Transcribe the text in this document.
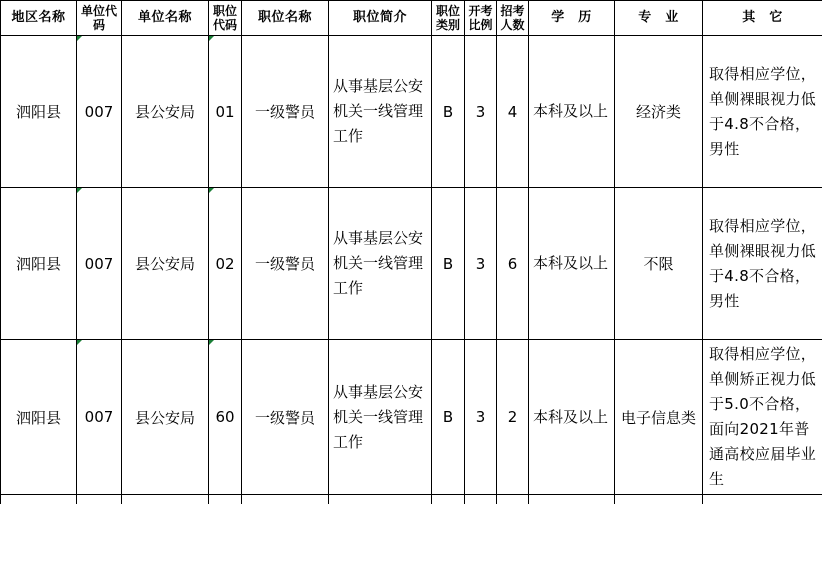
地区名称	单位代码	单位名称	职位代码	职位名称	职位简介	职位类别	开考比例	招考人数	学　历	专　业	其　它
泗阳县	007	县公安局	01	一级警员	从事基层公安机关一线管理工作	B	3	4	本科及以上	经济类	取得相应学位，单侧裸眼视力低于4.8不合格，男性
泗阳县	007	县公安局	02	一级警员	从事基层公安机关一线管理工作	B	3	6	本科及以上	不限	取得相应学位，单侧裸眼视力低于4.8不合格，男性
泗阳县	007	县公安局	60	一级警员	从事基层公安机关一线管理工作	B	3	2	本科及以上	电子信息类	取得相应学位，单侧矫正视力低于5.0不合格，面向2021年普通高校应届毕业生
